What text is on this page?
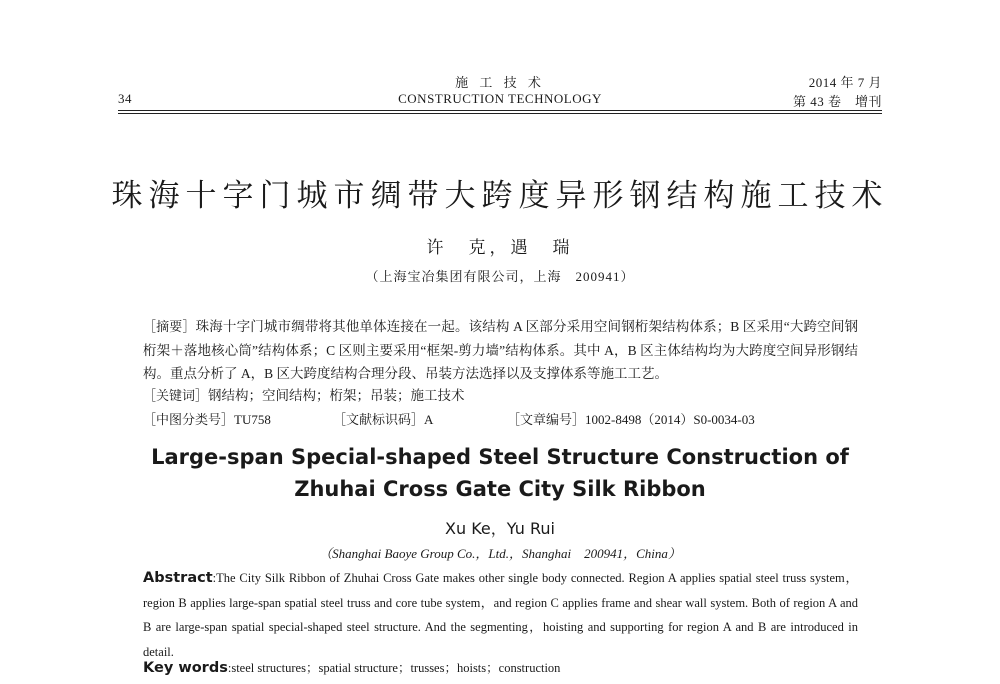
34
施 工 技 术
CONSTRUCTION TECHNOLOGY
2014 年 7 月
第 43 卷　增刊
珠海十字门城市绸带大跨度异形钢结构施工技术
许　克，遇　瑞
（上海宝冶集团有限公司，上海　200941）
［摘要］珠海十字门城市绸带将其他单体连接在一起。该结构 A 区部分采用空间钢桁架结构体系；B 区采用“大跨空间钢桁架＋落地核心筒”结构体系；C 区则主要采用“框架-剪力墙”结构体系。其中 A，B 区主体结构均为大跨度空间异形钢结构。重点分析了 A，B 区大跨度结构合理分段、吊装方法选择以及支撑体系等施工工艺。
［关键词］钢结构；空间结构；桁架；吊装；施工技术
［中图分类号］TU758	［文献标识码］A	［文章编号］1002-8498（2014）S0-0034-03
Large-span Special-shaped Steel Structure Construction of
Zhuhai Cross Gate City Silk Ribbon
Xu Ke，Yu Rui
（Shanghai Baoye Group Co.，Ltd.，Shanghai　200941，China）
Abstract:The City Silk Ribbon of Zhuhai Cross Gate makes other single body connected. Region A applies spatial steel truss system，region B applies large-span spatial steel truss and core tube system，and region C applies frame and shear wall system. Both of region A and B are large-span spatial special-shaped steel structure. And the segmenting，hoisting and supporting for region A and B are introduced in detail.
Key words:steel structures；spatial structure；trusses；hoists；construction
